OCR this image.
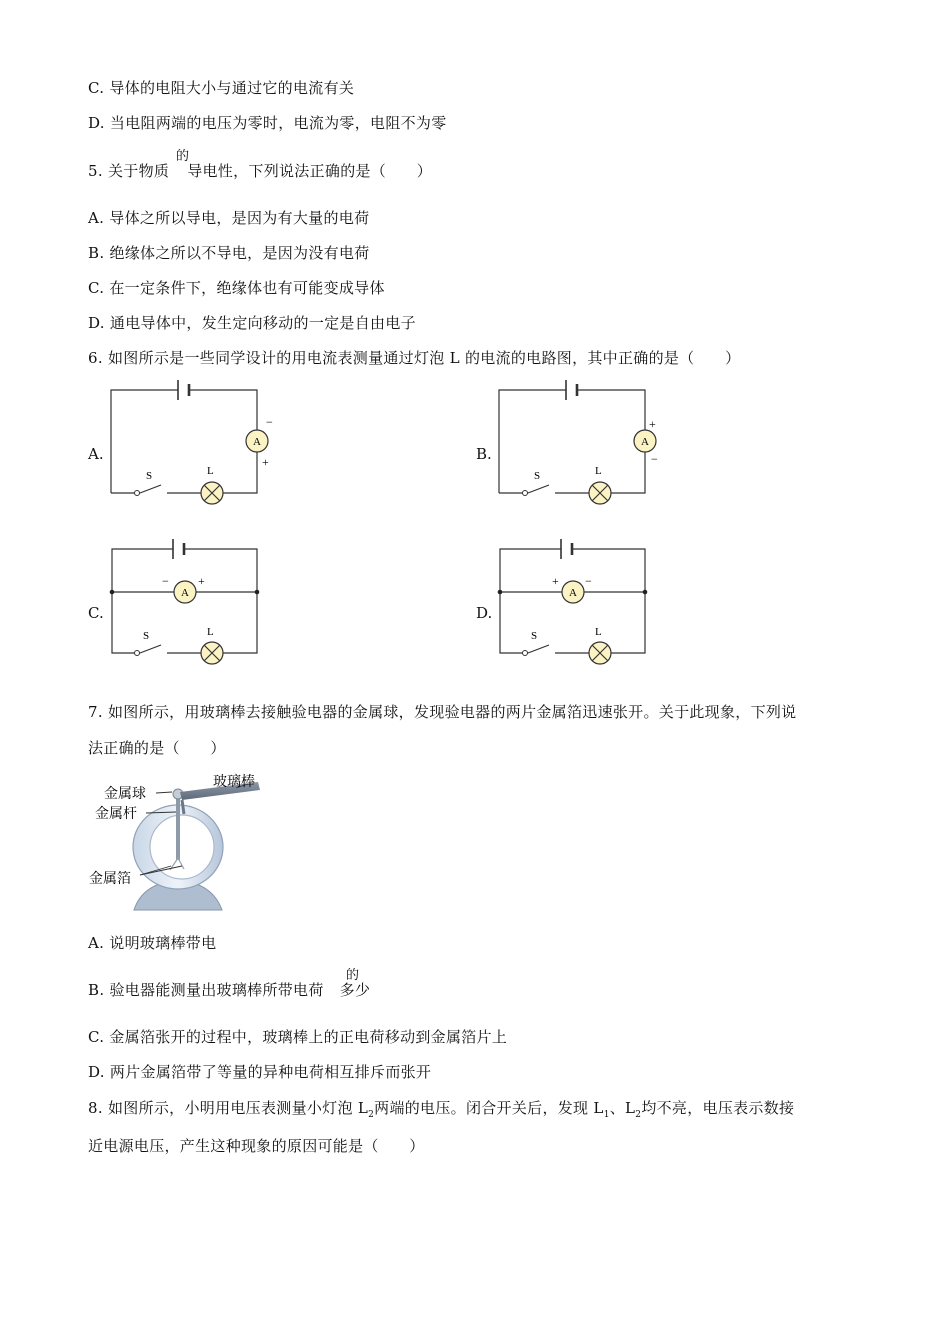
C. 导体的电阻大小与通过它的电流有关
D. 当电阻两端的电压为零时，电流为零，电阻不为零
的
5. 关于物质 导电性，下列说法正确的是（　　）
A. 导体之所以导电，是因为有大量的电荷
B. 绝缘体之所以不导电，是因为没有电荷
C. 在一定条件下，绝缘体也有可能变成导体
D. 通电导体中，发生定向移动的一定是自由电子
6. 如图所示是一些同学设计的用电流表测量通过灯泡 L 的电流的电路图，其中正确的是（　　）
A.	B.
C.	D.
A
−
+
S	L
A
+
−
S	L
A
− +
S	L
A
+ −
S	L
7. 如图所示，用玻璃棒去接触验电器的金属球，发现验电器的两片金属箔迅速张开。关于此现象，下列说
法正确的是（　　）
金属球
金属杆
玻璃棒
金属箔
A. 说明玻璃棒带电
的
B. 验电器能测量出玻璃棒所带电荷 多少
C. 金属箔张开的过程中，玻璃棒上的正电荷移动到金属箔片上
D. 两片金属箔带了等量的异种电荷相互排斥而张开
8. 如图所示，小明用电压表测量小灯泡 $L_2$两端的电压。闭合开关后，发现 $L_1$、$L_2$均不亮，电压表示数接
近电源电压，产生这种现象的原因可能是（　　）
